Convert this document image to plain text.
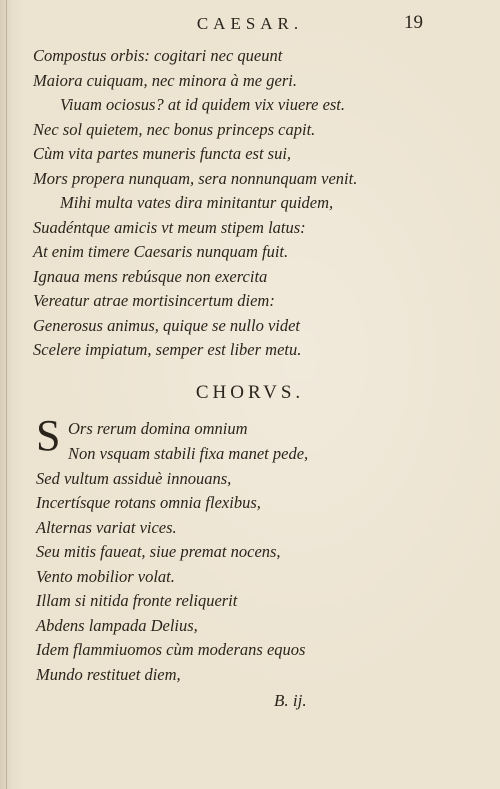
CAESAR.	19
Compostus orbis: cogitari nec queunt
Maiora cuiquam, nec minora à me geri.
Viuam ociosus? at id quidem vix viuere est.
Nec sol quietem, nec bonus princeps capit.
Cùm vita partes muneris functa est sui,
Mors propera nunquam, sera nonnunquam venit.
Mihi multa vates dira minitantur quidem,
Suadéntque amicis vt meum stipem latus:
At enim timere Caesaris nunquam fuit.
Ignaua mens rebúsque non exercita
Vereatur atrae mortisincertum diem:
Generosus animus, quique se nullo videt
Scelere impiatum, semper est liber metu.
CHORVS.
S Ors rerum domina omnium
Non vsquam stabili fixa manet pede,
Sed vultum assiduè innouans,
Incertísque rotans omnia flexibus,
Alternas variat vices.
Seu mitis faueat, siue premat nocens,
Vento mobilior volat.
Illam si nitida fronte reliquerit
Abdens lampada Delius,
Idem flammiuomos cùm moderans equos
Mundo restituet diem,
B. ij.
